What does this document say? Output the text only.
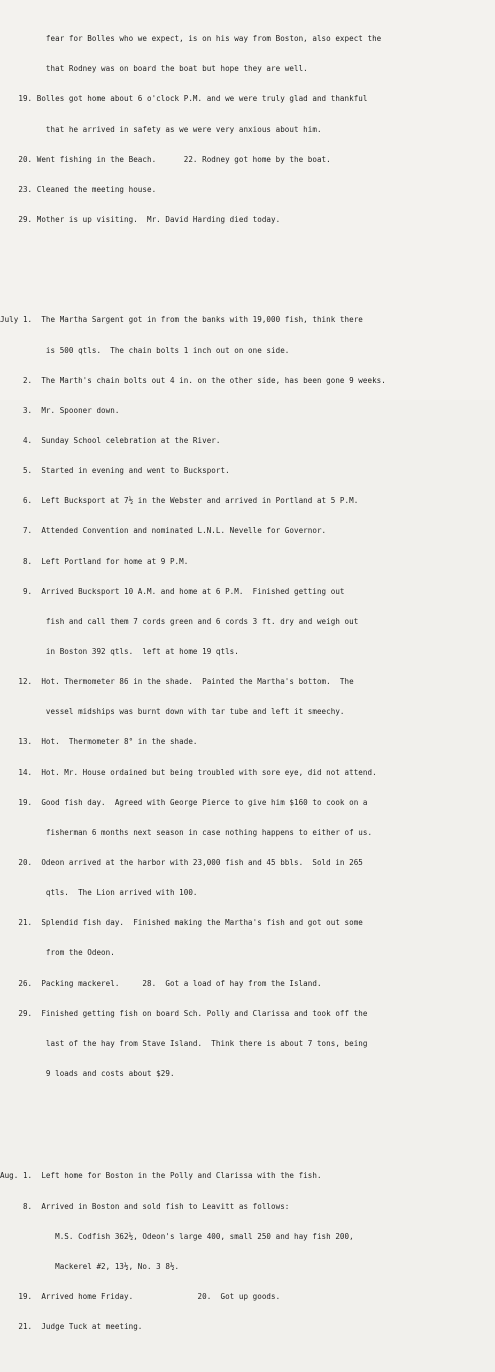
fear for Bolles who we expect, is on his way from Boston, also expect the

that Rodney was on board the boat but hope they are well.

19. Bolles got home about 6 o'clock P.M. and we were truly glad and thankful

that he arrived in safety as we were very anxious about him.

20. Went fishing in the Beach.      22. Rodney got home by the boat.

23. Cleaned the meeting house.

29. Mother is up visiting.  Mr. David Harding died today.

July 1.  The Martha Sargent got in from the banks with 19,000 fish, think there

is 500 qtls.  The chain bolts 1 inch out on one side.

2.  The Marth's chain bolts out 4 in. on the other side, has been gone 9 weeks.

3.  Mr. Spooner down.

4.  Sunday School celebration at the River.

5.  Started in evening and went to Bucksport.

6.  Left Bucksport at 7½ in the Webster and arrived in Portland at 5 P.M.

7.  Attended Convention and nominated L.N.L. Nevelle for Governor.

8.  Left Portland for home at 9 P.M.

9.  Arrived Bucksport 10 A.M. and home at 6 P.M.  Finished getting out

fish and call them 7 cords green and 6 cords 3 ft. dry and weigh out

in Boston 392 qtls.  left at home 19 qtls.

12.  Hot. Thermometer 86 in the shade.  Painted the Martha's bottom.  The

vessel midships was burnt down with tar tube and left it smeechy.

13.  Hot.  Thermometer 8° in the shade.

14.  Hot. Mr. House ordained but being troubled with sore eye, did not attend.

19.  Good fish day.  Agreed with George Pierce to give him $160 to cook on a

fisherman 6 months next season in case nothing happens to either of us.

20.  Odeon arrived at the harbor with 23,000 fish and 45 bbls.  Sold in 265

qtls.  The Lion arrived with 100.

21.  Splendid fish day.  Finished making the Martha's fish and got out some

from the Odeon.

26.  Packing mackerel.     28.  Got a load of hay from the Island.

29.  Finished getting fish on board Sch. Polly and Clarissa and took off the

last of the hay from Stave Island.  Think there is about 7 tons, being

9 loads and costs about $29.

Aug. 1.  Left home for Boston in the Polly and Clarissa with the fish.

8.  Arrived in Boston and sold fish to Leavitt as follows:

M.S. Codfish 362½, Odeon's large 400, small 250 and hay fish 200,

Mackerel #2, 13½, No. 3 8½.

19.  Arrived home Friday.              20.  Got up goods.

21.  Judge Tuck at meeting.
